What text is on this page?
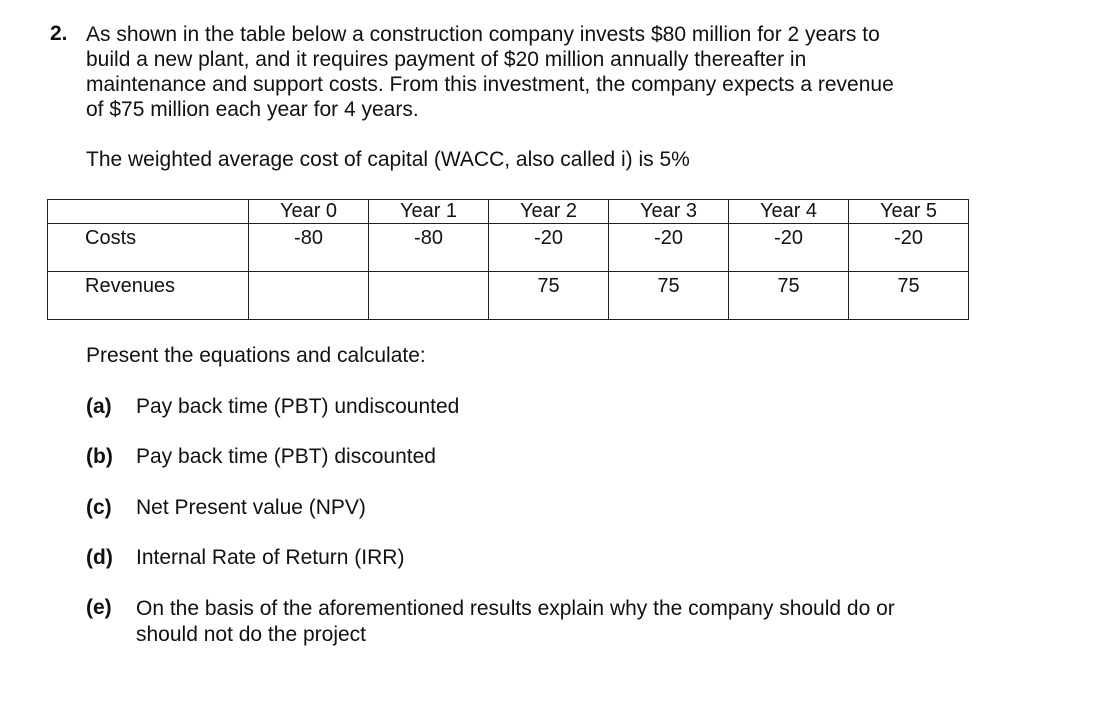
2. As shown in the table below a construction company invests $80 million for 2 years to
build a new plant, and it requires payment of $20 million annually thereafter in
maintenance and support costs. From this investment, the company expects a revenue
of $75 million each year for 4 years.
The weighted average cost of capital (WACC, also called i) is 5%
	Year 0	Year 1	Year 2	Year 3	Year 4	Year 5
Costs	-80	-80	-20	-20	-20	-20
Revenues			75	75	75	75
Present the equations and calculate:
(a) Pay back time (PBT) undiscounted
(b) Pay back time (PBT) discounted
(c) Net Present value (NPV)
(d) Internal Rate of Return (IRR)
(e) On the basis of the aforementioned results explain why the company should do or
should not do the project
